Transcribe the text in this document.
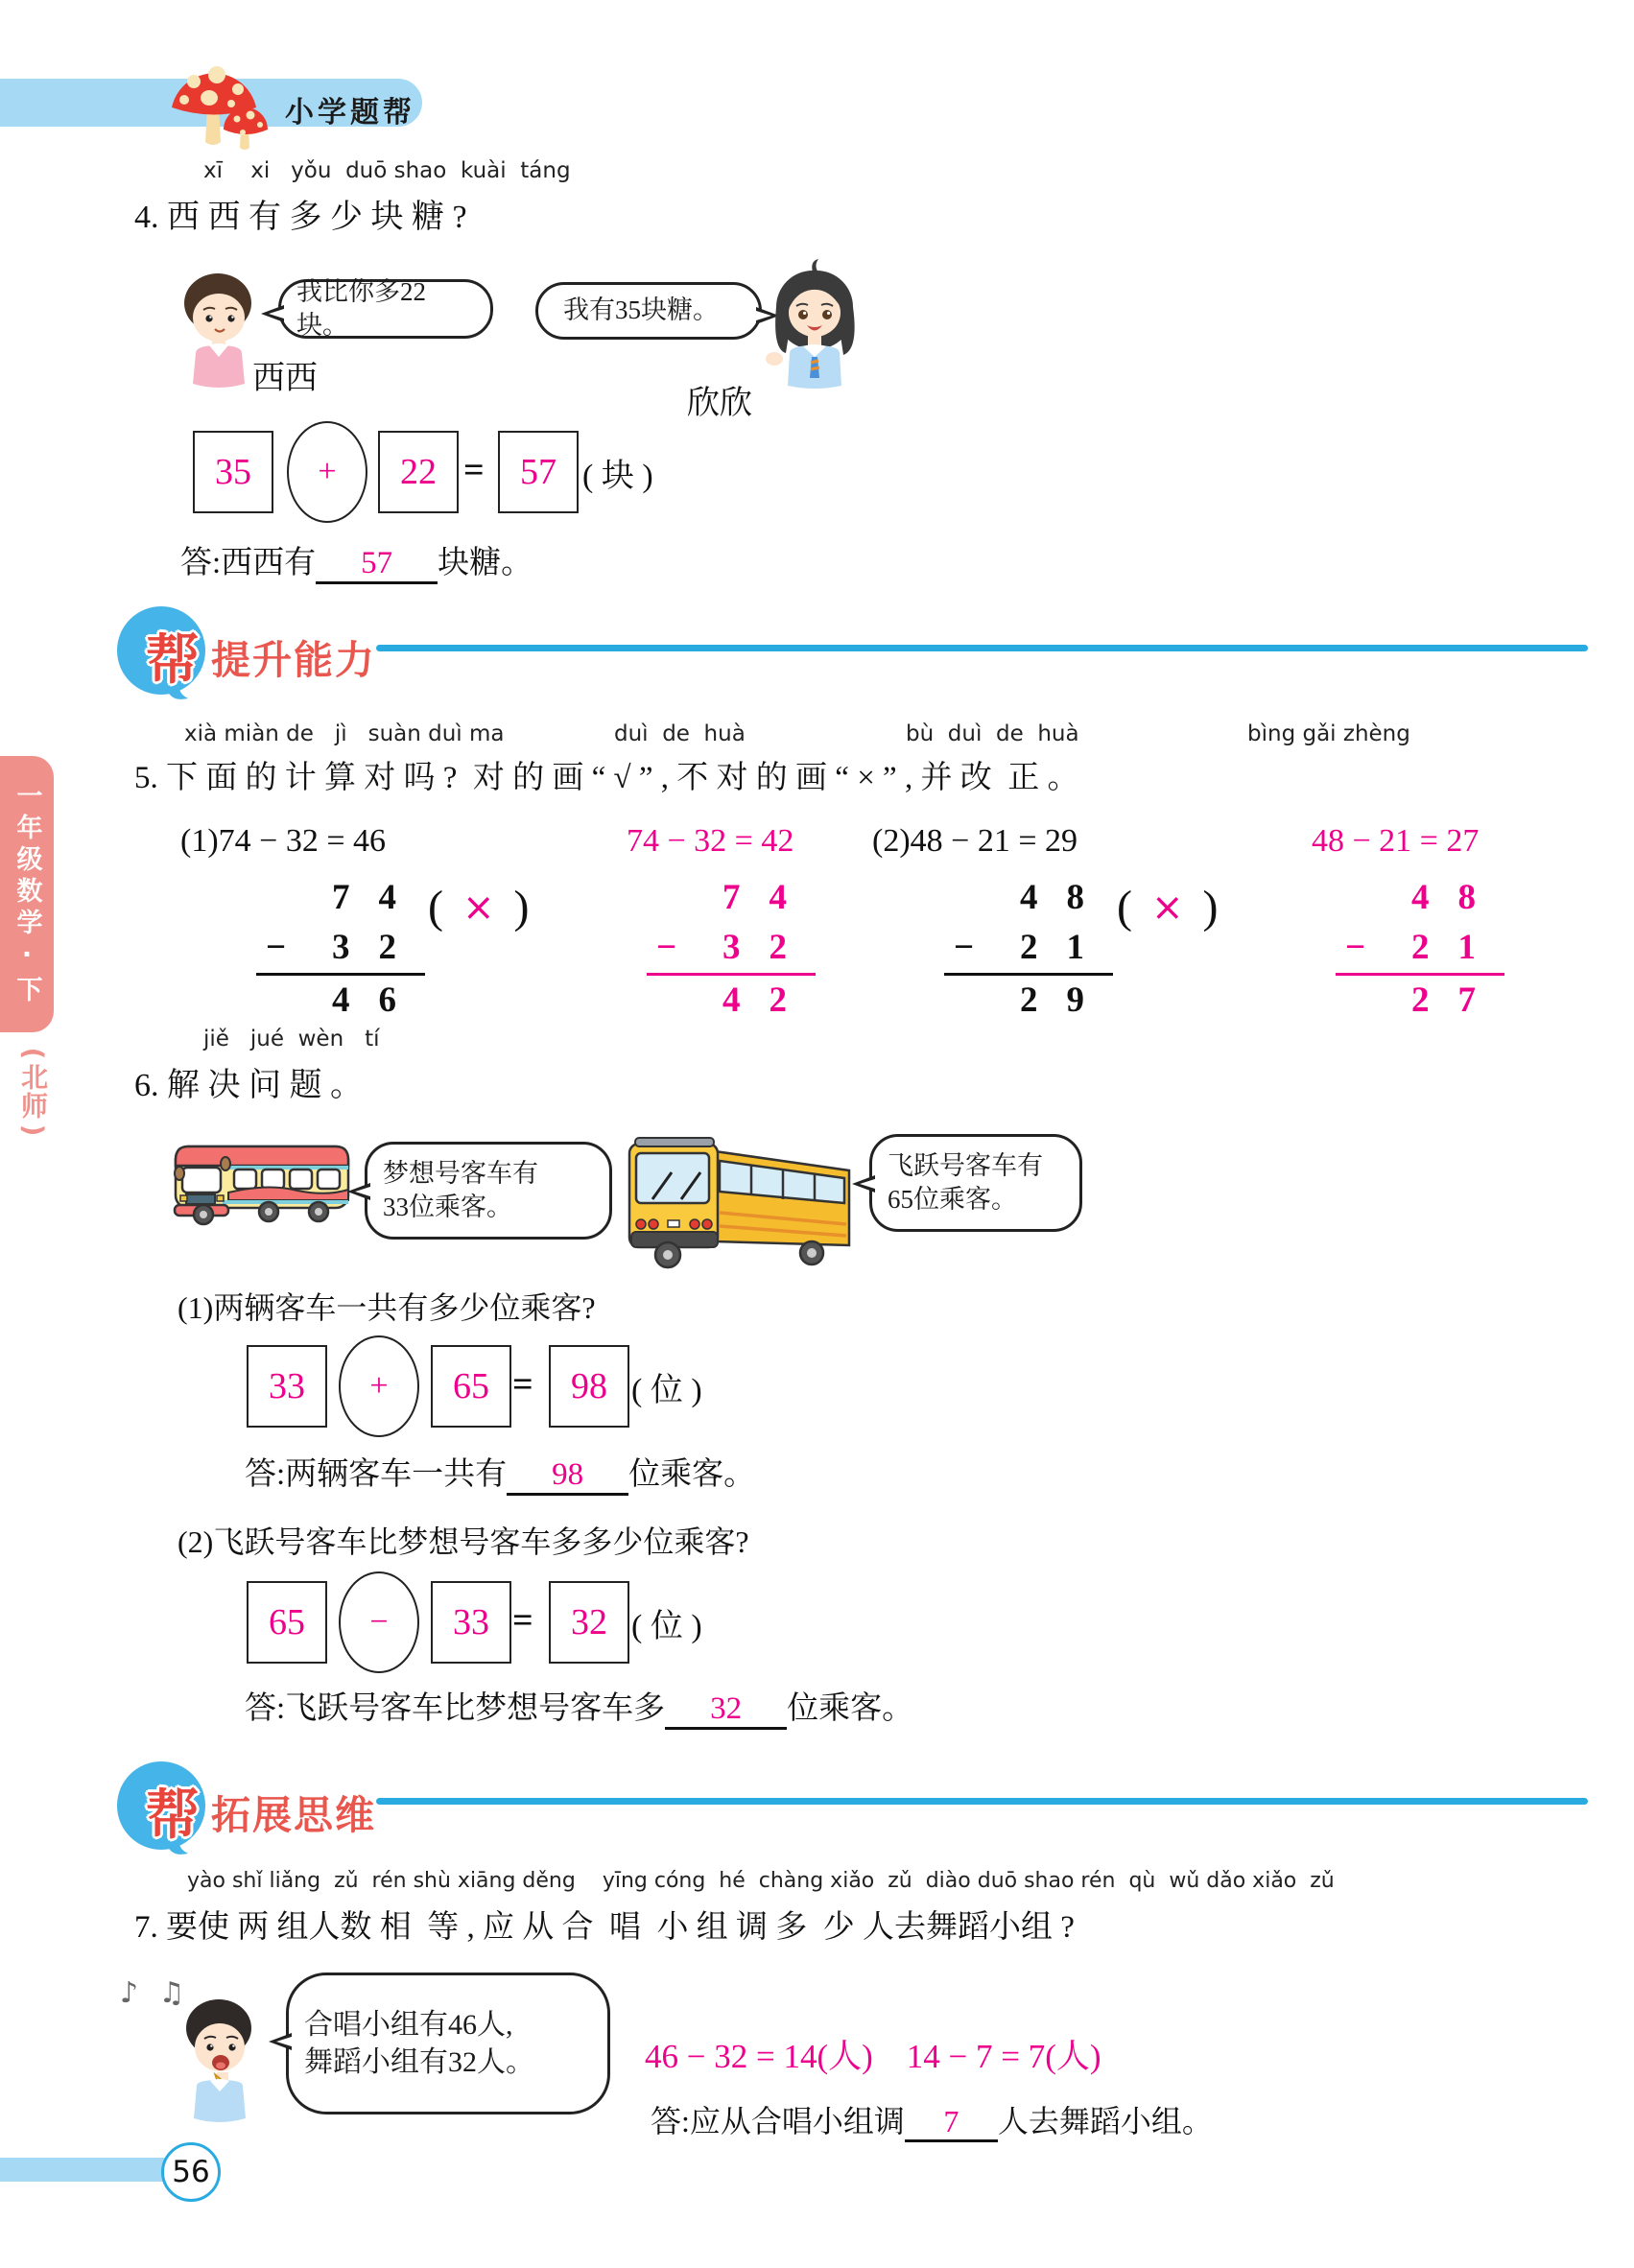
小学题帮
xī    xi   yǒu  duō shao  kuài  táng
4. 西 西 有 多 少 块 糖 ?
西西
我比你多22块。
我有35块糖。
欣欣
35	+	22 = 57 ( 块 )
答:西西有 57 块糖。
帮 提升能力
xià miàn de   jì   suàn duì ma	duì  de  huà	bù  duì  de  huà	bìng gǎi zhèng
5. 下 面 的 计 算 对 吗 ?  对 的 画 “ √ ” , 不 对 的 画 “ × ” , 并 改  正 。
(1)74 − 32 = 46	74 − 32 = 42 (2)48 − 21 = 29	48 − 21 = 27
74
− 32
46
( × )	74
− 32
42
48
− 21
29
( × )	48
− 21
27
jiě   jué  wèn   tí
6. 解 决 问 题 。
梦想号客车有
33位乘客。
飞跃号客车有
65位乘客。
(1)两辆客车一共有多少位乘客?
33	+	65 =	98 ( 位 )
答:两辆客车一共有 98 位乘客。
(2)飞跃号客车比梦想号客车多多少位乘客?
65	−	33 =	32 ( 位 )
答:飞跃号客车比梦想号客车多 32 位乘客。
帮 拓展思维
yào shǐ liǎng  zǔ  rén shù xiāng děng    yīng cóng  hé  chàng xiǎo  zǔ  diào duō shao rén  qù  wǔ dǎo xiǎo  zǔ
7. 要使 两 组人数 相  等 , 应 从 合  唱  小 组 调 多  少 人去舞蹈小组 ?
♪ ♫
合唱小组有46人,
舞蹈小组有32人。	46 − 32 = 14(人)    14 − 7 = 7(人)
答:应从合唱小组调 7 人去舞蹈小组。
一年级数学·下
(
北师
)
56
